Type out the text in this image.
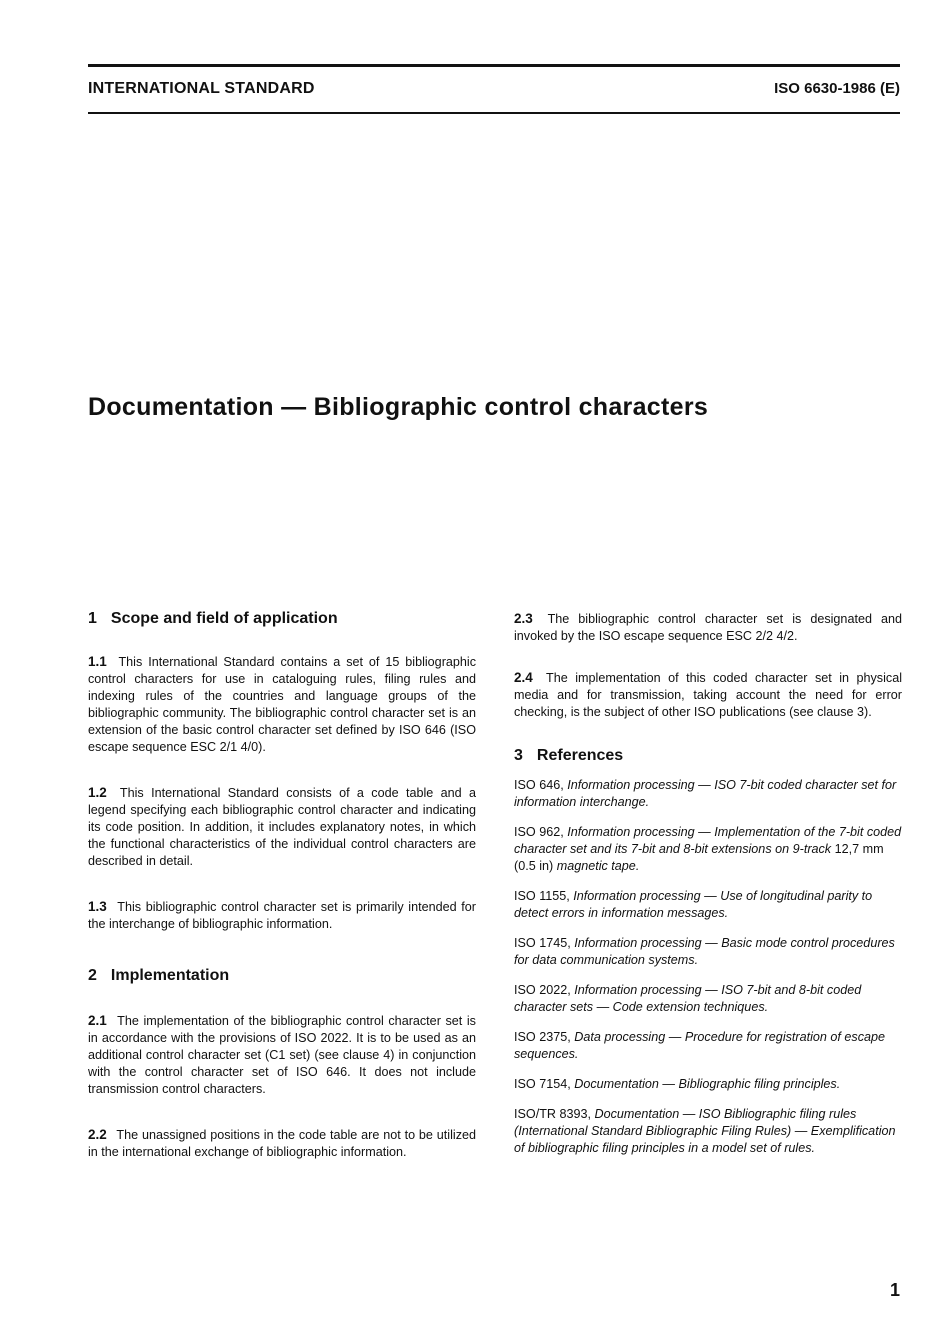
INTERNATIONAL STANDARD	ISO 6630-1986 (E)
Documentation — Bibliographic control characters
1 Scope and field of application

1.1 This International Standard contains a set of 15 bibliographic control characters for use in cataloguing rules, filing rules and indexing rules of the countries and language groups of the bibliographic community. The bibliographic control character set is an extension of the basic control character set defined by ISO 646 (ISO escape sequence ESC 2/1 4/0).

1.2 This International Standard consists of a code table and a legend specifying each bibliographic control character and indicating its code position. In addition, it includes explanatory notes, in which the functional characteristics of the individual control characters are described in detail.

1.3 This bibliographic control character set is primarily intended for the interchange of bibliographic information.

2 Implementation

2.1 The implementation of the bibliographic control character set is in accordance with the provisions of ISO 2022. It is to be used as an additional control character set (C1 set) (see clause 4) in conjunction with the control character set of ISO 646. It does not include transmission control characters.

2.2 The unassigned positions in the code table are not to be utilized in the international exchange of bibliographic information.

2.3 The bibliographic control character set is designated and invoked by the ISO escape sequence ESC 2/2 4/2.

2.4 The implementation of this coded character set in physical media and for transmission, taking account the need for error checking, is the subject of other ISO publications (see clause 3).

3 References

ISO 646, Information processing — ISO 7-bit coded character set for information interchange.

ISO 962, Information processing — Implementation of the 7-bit coded character set and its 7-bit and 8-bit extensions on 9-track 12,7 mm (0.5 in) magnetic tape.

ISO 1155, Information processing — Use of longitudinal parity to detect errors in information messages.

ISO 1745, Information processing — Basic mode control procedures for data communication systems.

ISO 2022, Information processing — ISO 7-bit and 8-bit coded character sets — Code extension techniques.

ISO 2375, Data processing — Procedure for registration of escape sequences.

ISO 7154, Documentation — Bibliographic filing principles.

ISO/TR 8393, Documentation — ISO Bibliographic filing rules (International Standard Bibliographic Filing Rules) — Exemplification of bibliographic filing principles in a model set of rules.

1
